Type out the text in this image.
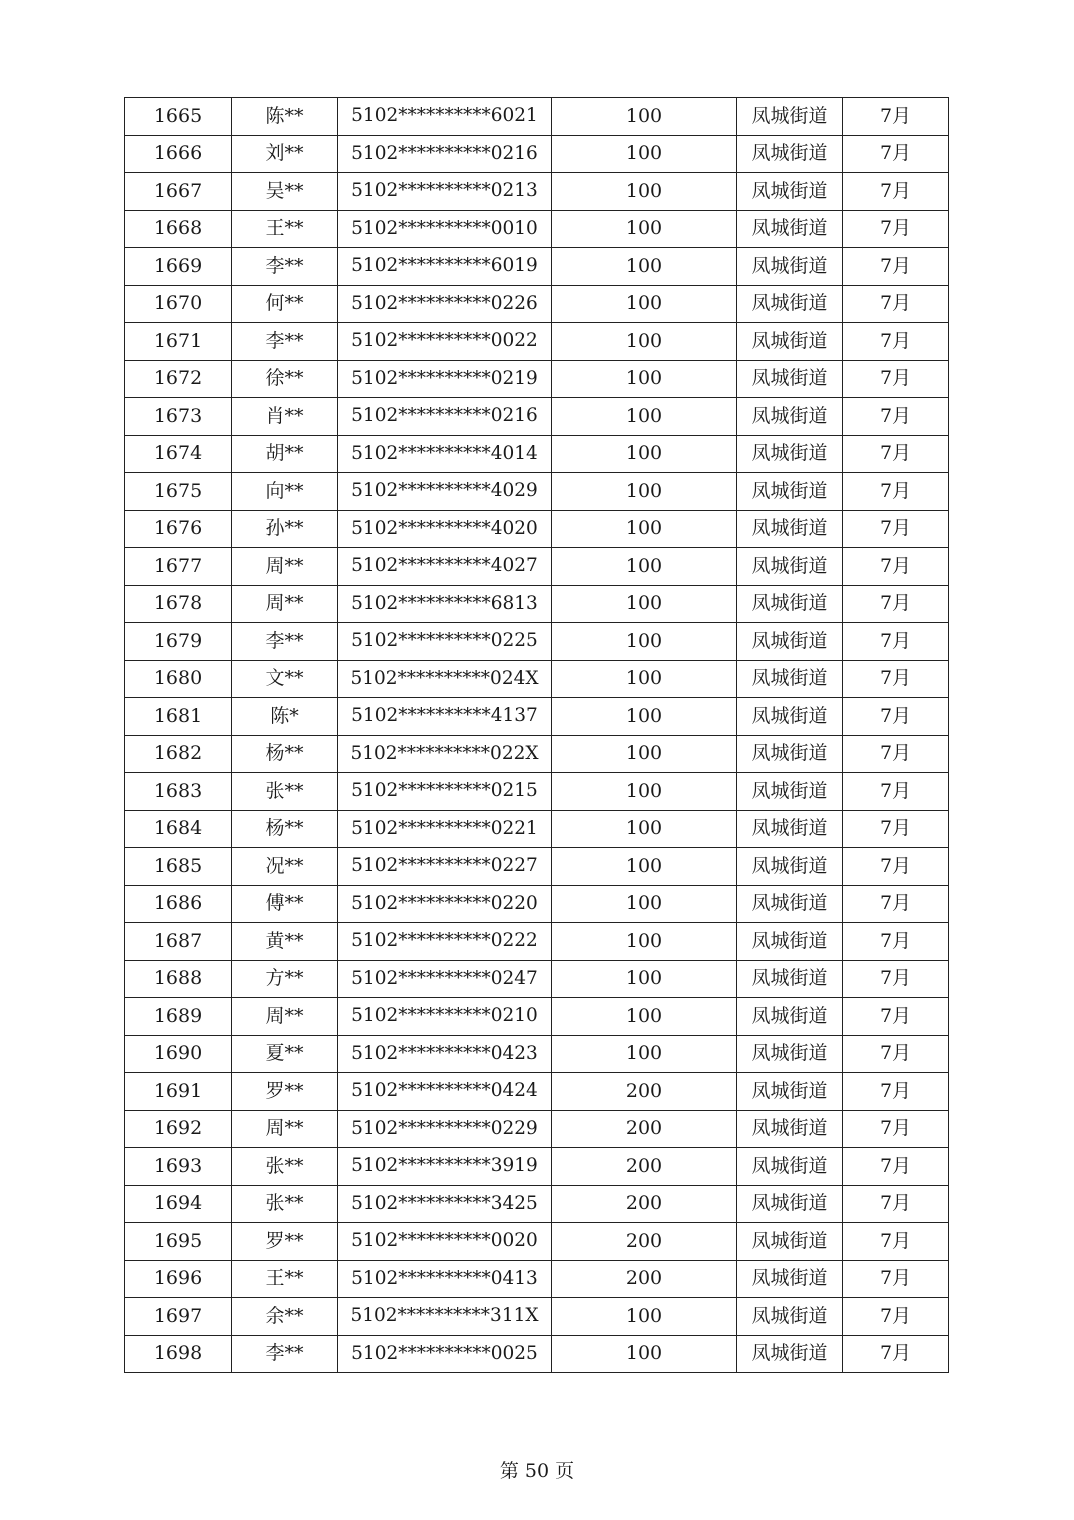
1665	陈**	5102**********6021	100	凤城街道	7月
1666	刘**	5102**********0216	100	凤城街道	7月
1667	吴**	5102**********0213	100	凤城街道	7月
1668	王**	5102**********0010	100	凤城街道	7月
1669	李**	5102**********6019	100	凤城街道	7月
1670	何**	5102**********0226	100	凤城街道	7月
1671	李**	5102**********0022	100	凤城街道	7月
1672	徐**	5102**********0219	100	凤城街道	7月
1673	肖**	5102**********0216	100	凤城街道	7月
1674	胡**	5102**********4014	100	凤城街道	7月
1675	向**	5102**********4029	100	凤城街道	7月
1676	孙**	5102**********4020	100	凤城街道	7月
1677	周**	5102**********4027	100	凤城街道	7月
1678	周**	5102**********6813	100	凤城街道	7月
1679	李**	5102**********0225	100	凤城街道	7月
1680	文**	5102**********024X	100	凤城街道	7月
1681	陈*	5102**********4137	100	凤城街道	7月
1682	杨**	5102**********022X	100	凤城街道	7月
1683	张**	5102**********0215	100	凤城街道	7月
1684	杨**	5102**********0221	100	凤城街道	7月
1685	况**	5102**********0227	100	凤城街道	7月
1686	傅**	5102**********0220	100	凤城街道	7月
1687	黄**	5102**********0222	100	凤城街道	7月
1688	方**	5102**********0247	100	凤城街道	7月
1689	周**	5102**********0210	100	凤城街道	7月
1690	夏**	5102**********0423	100	凤城街道	7月
1691	罗**	5102**********0424	200	凤城街道	7月
1692	周**	5102**********0229	200	凤城街道	7月
1693	张**	5102**********3919	200	凤城街道	7月
1694	张**	5102**********3425	200	凤城街道	7月
1695	罗**	5102**********0020	200	凤城街道	7月
1696	王**	5102**********0413	200	凤城街道	7月
1697	余**	5102**********311X	100	凤城街道	7月
1698	李**	5102**********0025	100	凤城街道	7月
第 50 页
